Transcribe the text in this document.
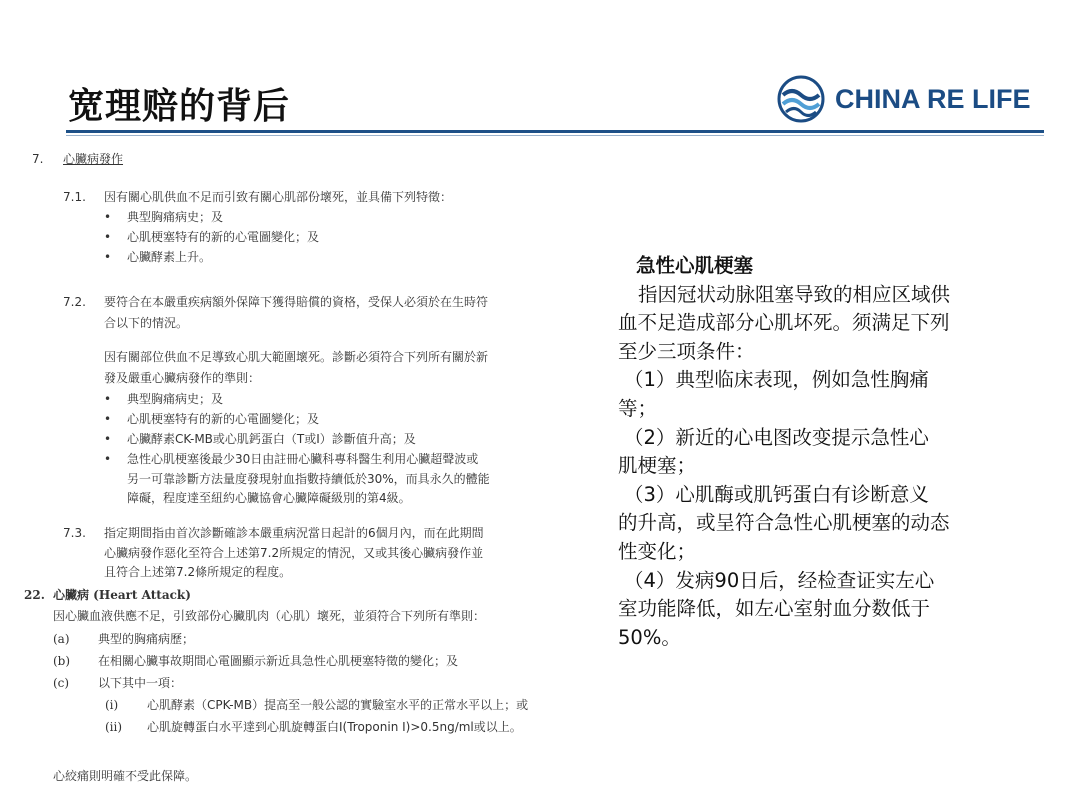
宽理赔的背后	CHINA RE LIFE
7. 心臟病發作
7.1. 因有關心肌供血不足而引致有關心肌部份壞死，並具備下列特徵：
• 典型胸痛病史；及
• 心肌梗塞特有的新的心電圖變化；及
• 心臟酵素上升。
7.2. 要符合在本嚴重疾病額外保障下獲得賠償的資格，受保人必須於在生時符
合以下的情況。
因有關部位供血不足導致心肌大範圍壞死。診斷必須符合下列所有關於新
發及嚴重心臟病發作的準則：
• 典型胸痛病史；及
• 心肌梗塞特有的新的心電圖變化；及
• 心臟酵素CK-MB或心肌鈣蛋白（T或I）診斷值升高；及
• 急性心肌梗塞後最少30日由註冊心臟科專科醫生利用心臟超聲波或
另一可靠診斷方法量度發現射血指數持續低於30%，而具永久的體能
障礙，程度達至紐約心臟協會心臟障礙級別的第4級。
7.3. 指定期間指由首次診斷確診本嚴重病況當日起計的6個月內，而在此期間
心臟病發作惡化至符合上述第7.2所規定的情況，又或其後心臟病發作並
且符合上述第7.2條所規定的程度。
22. 心臟病 (Heart Attack)
因心臟血液供應不足，引致部份心臟肌肉（心肌）壞死，並須符合下列所有準則：
(a) 典型的胸痛病歷；
(b) 在相關心臟事故期間心電圖顯示新近具急性心肌梗塞特徵的變化；及
(c) 以下其中一項：
(i) 心肌酵素（CPK-MB）提高至一般公認的實驗室水平的正常水平以上；或
(ii) 心肌旋轉蛋白水平達到心肌旋轉蛋白I(Troponin I)>0.5ng/ml或以上。
心絞痛則明確不受此保障。

急性心肌梗塞

指因冠状动脉阻塞导致的相应区域供

血不足造成部分心肌坏死。须满足下列

至少三项条件：

（1）典型临床表现，例如急性胸痛

等；

（2）新近的心电图改变提示急性心

肌梗塞；

（3）心肌酶或肌钙蛋白有诊断意义

的升高，或呈符合急性心肌梗塞的动态

性变化；

（4）发病90日后，经检查证实左心

室功能降低，如左心室射血分数低于

50%。
